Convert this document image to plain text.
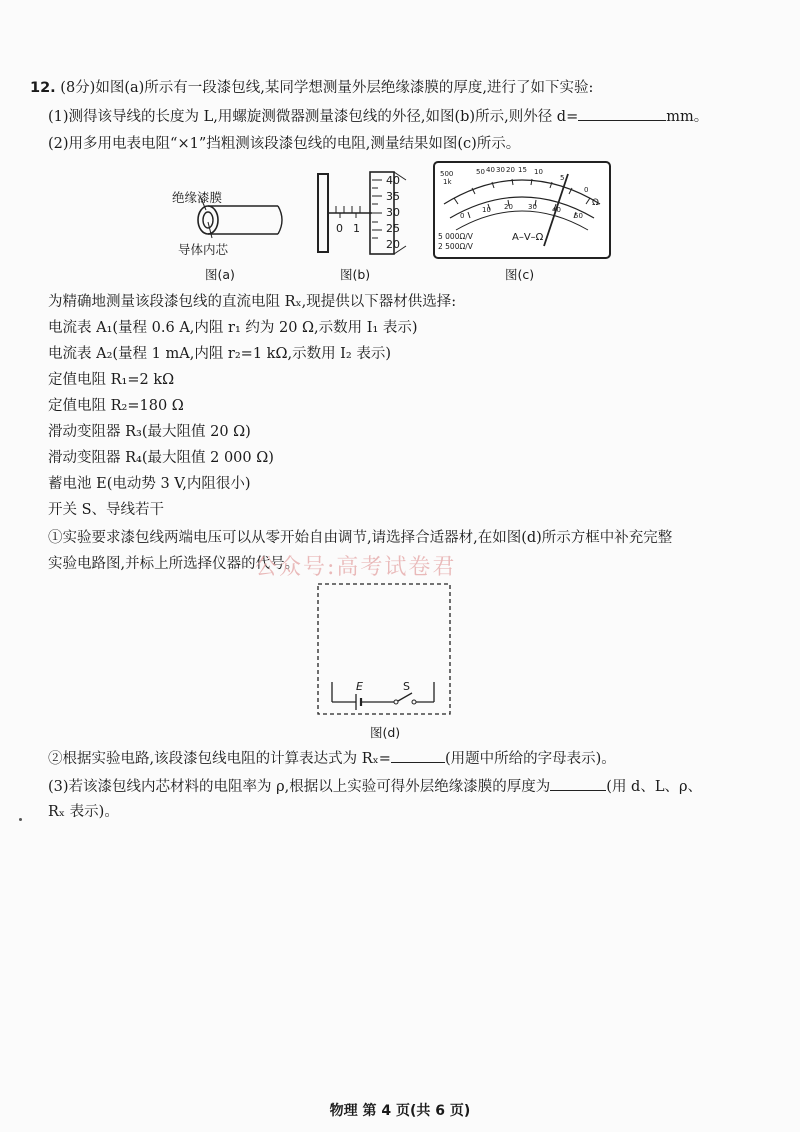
12. (8分)如图(a)所示有一段漆包线,某同学想测量外层绝缘漆膜的厚度,进行了如下实验:
(1)测得该导线的长度为 L,用螺旋测微器测量漆包线的外径,如图(b)所示,则外径 d=	mm。
(2)用多用电表电阻“×1”挡粗测该段漆包线的电阻,测量结果如图(c)所示。
绝缘漆膜
导体内芯
图(a)
0 1
40
35
30
25
20
图(b)
500
1k
50 40 30 20 15 10
5
0
Ω
0
10 20 30 40
50
5 000Ω/V
2 500Ω/V
A–V–Ω
图(c)
为精确地测量该段漆包线的直流电阻 Rₓ,现提供以下器材供选择:
电流表 A₁(量程 0.6 A,内阻 r₁ 约为 20 Ω,示数用 I₁ 表示)
电流表 A₂(量程 1 mA,内阻 r₂=1 kΩ,示数用 I₂ 表示)
定值电阻 R₁=2 kΩ
定值电阻 R₂=180 Ω
滑动变阻器 R₃(最大阻值 20 Ω)
滑动变阻器 R₄(最大阻值 2 000 Ω)
蓄电池 E(电动势 3 V,内阻很小)
开关 S、导线若干
①实验要求漆包线两端电压可以从零开始自由调节,请选择合适器材,在如图(d)所示方框中补充完整
实验电路图,并标上所选择仪器的代号。
公众号:高考试卷君
E	S
图(d)
②根据实验电路,该段漆包线电阻的计算表达式为 Rₓ=	(用题中所给的字母表示)。
(3)若该漆包线内芯材料的电阻率为 ρ,根据以上实验可得外层绝缘漆膜的厚度为	(用 d、L、ρ、
Rₓ 表示)。
物理 第 4 页(共 6 页)
